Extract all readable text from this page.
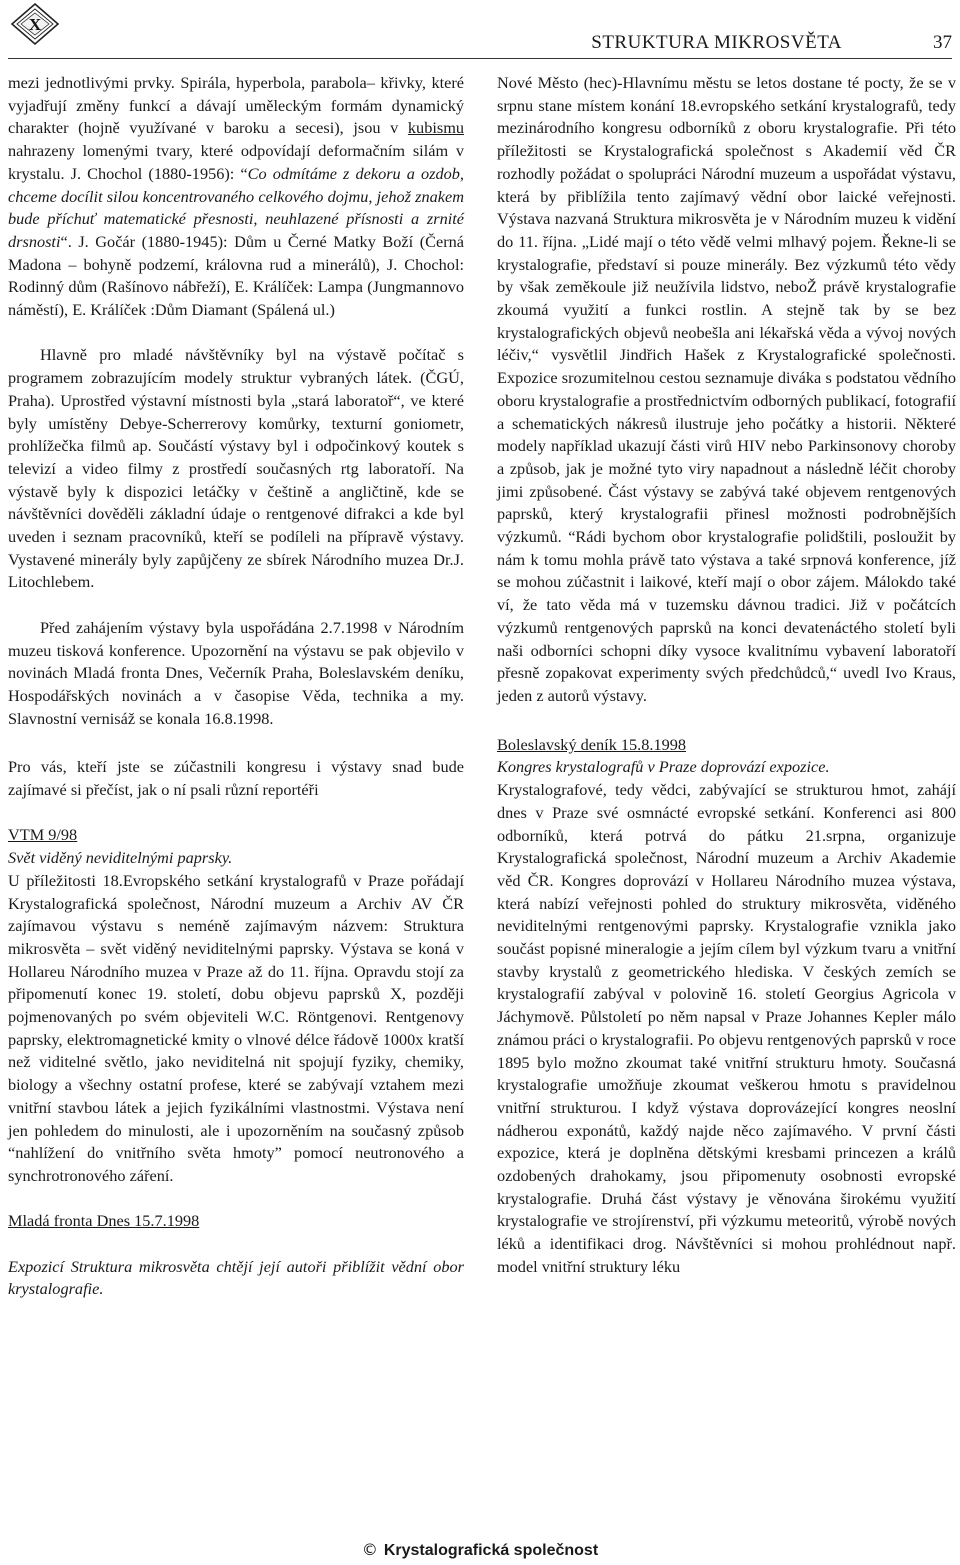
X
STRUKTURA MIKROSVĚTA	37

mezi jednotlivými prvky. Spirála, hyperbola, parabola– křivky, které vyjadřují změny funkcí a dávají uměleckým formám dynamický charakter (hojně využívané v baroku a secesi), jsou v kubismu nahrazeny lomenými tvary, které odpovídají deformačním silám v krystalu. J. Chochol (1880-1956): “Co odmítáme z dekoru a ozdob, chceme docílit silou koncentrovaného celkového dojmu, jehož znakem bude příchuť matematické přesnosti, neuhlazené přísnosti a zrnité drsnosti“. J. Gočár (1880-1945): Dům u Černé Matky Boží (Černá Madona – bohyně podzemí, královna rud a minerálů), J. Chochol: Rodinný dům (Rašínovo nábřeží), E. Králíček: Lampa (Jungmannovo náměstí), E. Králíček :Dům Diamant (Spálená ul.)

Hlavně pro mladé návštěvníky byl na výstavě počítač s programem zobrazujícím modely struktur vybraných látek. (ČGÚ, Praha). Uprostřed výstavní místnosti byla „stará laboratoř“, ve které byly umístěny Debye-Scherrerovy komůrky, texturní goniometr, prohlížečka filmů ap. Součástí výstavy byl i odpočinkový koutek s televizí a video filmy z prostředí současných rtg laboratoří. Na výstavě byly k dispozici letáčky v češtině a angličtině, kde se návštěvníci dověděli základní údaje o rentgenové difrakci a kde byl uveden i seznam pracovníků, kteří se podíleli na přípravě výstavy. Vystavené minerály byly zapůjčeny ze sbírek Národního muzea Dr.J. Litochlebem.

Před zahájením výstavy byla uspořádána 2.7.1998 v Národním muzeu tisková konference. Upozornění na výstavu se pak objevilo v novinách Mladá fronta Dnes, Večerník Praha, Boleslavském deníku, Hospodářských novinách a v časopise Věda, technika a my. Slavnostní vernisáž se konala 16.8.1998.

Pro vás, kteří jste se zúčastnili kongresu i výstavy snad bude zajímavé si přečíst, jak o ní psali různí reportéři

VTM 9/98

Svět viděný neviditelnými paprsky.

U příležitosti 18.Evropského setkání krystalografů v Praze pořádají Krystalografická společnost, Národní muzeum a Archiv AV ČR zajímavou výstavu s neméně zajímavým názvem: Struktura mikrosvěta – svět viděný neviditelnými paprsky. Výstava se koná v Hollareu Národního muzea v Praze až do 11. října. Opravdu stojí za připomenutí konec 19. století, dobu objevu paprsků X, později pojmenovaných po svém objeviteli W.C. Röntgenovi. Rentgenovy paprsky, elektromagnetické kmity o vlnové délce řádově 1000x kratší než viditelné světlo, jako neviditelná nit spojují fyziky, chemiky, biology a všechny ostatní profese, které se zabývají vztahem mezi vnitřní stavbou látek a jejich fyzikálními vlastnostmi. Výstava není jen pohledem do minulosti, ale i upozorněním na současný způsob “nahlížení do vnitřního světa hmoty” pomocí neutronového a synchrotronového záření.

Mladá fronta Dnes 15.7.1998

Expozicí Struktura mikrosvěta chtějí její autoři přiblížit vědní obor krystalografie.

Nové Město (hec)-Hlavnímu městu se letos dostane té pocty, že se v srpnu stane místem konání 18.evropského setkání krystalografů, tedy mezinárodního kongresu odborníků z oboru krystalografie. Při této příležitosti se Krystalografická společnost s Akademií věd ČR rozhodly požádat o spolupráci Národní muzeum a uspořádat výstavu, která by přiblížila tento zajímavý vědní obor laické veřejnosti. Výstava nazvaná Struktura mikrosvěta je v Národním muzeu k vidění do 11. října. „Lidé mají o této vědě velmi mlhavý pojem. Řekne-li se krystalografie, představí si pouze minerály. Bez výzkumů této vědy by však zeměkoule již neužívila lidstvo, neboŽ právě krystalografie zkoumá využití a funkci rostlin. A stejně tak by se bez krystalografických objevů neobešla ani lékařská věda a vývoj nových léčiv,“ vysvětlil Jindřich Hašek z Krystalografické společnosti. Expozice srozumitelnou cestou seznamuje diváka s podstatou vědního oboru krystalografie a prostřednictvím odborných publikací, fotografií a schematických nákresů ilustruje jeho počátky a historii. Některé modely například ukazují části virů HIV nebo Parkinsonovy choroby a způsob, jak je možné tyto viry napadnout a následně léčit choroby jimi způsobené. Část výstavy se zabývá také objevem rentgenových paprsků, který krystalografii přinesl možnosti podrobnějších výzkumů. “Rádi bychom obor krystalografie polidštili, posloužit by nám k tomu mohla právě tato výstava a také srpnová konference, jíž se mohou zúčastnit i laikové, kteří mají o obor zájem. Málokdo také ví, že tato věda má v tuzemsku dávnou tradici. Již v počátcích výzkumů rentgenových paprsků na konci devatenáctého století byli naši odborníci schopni díky vysoce kvalitnímu vybavení laboratoří přesně zopakovat experimenty svých předchůdců,“ uvedl Ivo Kraus, jeden z autorů výstavy.

Boleslavský deník 15.8.1998

Kongres krystalografů v Praze doprovází expozice.

Krystalografové, tedy vědci, zabývající se strukturou hmot, zahájí dnes v Praze své osmnácté evropské setkání. Konferenci asi 800 odborníků, která potrvá do pátku 21.srpna, organizuje Krystalografická společnost, Národní muzeum a Archiv Akademie věd ČR. Kongres doprovází v Hollareu Národního muzea výstava, která nabízí veřejnosti pohled do struktury mikrosvěta, viděného neviditelnými rentgenovými paprsky. Krystalografie vznikla jako součást popisné mineralogie a jejím cílem byl výzkum tvaru a vnitřní stavby krystalů z geometrického hlediska. V českých zemích se krystalografií zabýval v polovině 16. století Georgius Agricola v Jáchymově. Půlstoletí po něm napsal v Praze Johannes Kepler málo známou práci o krystalografii. Po objevu rentgenových paprsků v roce 1895 bylo možno zkoumat také vnitřní strukturu hmoty. Současná krystalografie umožňuje zkoumat veškerou hmotu s pravidelnou vnitřní strukturou. I když výstava doprovázející kongres neoslní nádherou exponátů, každý najde něco zajímavého. V první části expozice, která je doplněna dětskými kresbami princezen a králů ozdobených drahokamy, jsou připomenuty osobnosti evropské krystalografie. Druhá část výstavy je věnována širokému využití krystalografie ve strojírenství, při výzkumu meteoritů, výrobě nových léků a identifikaci drog. Návštěvníci si mohou prohlédnout např. model vnitřní struktury léku

© Krystalografická společnost
